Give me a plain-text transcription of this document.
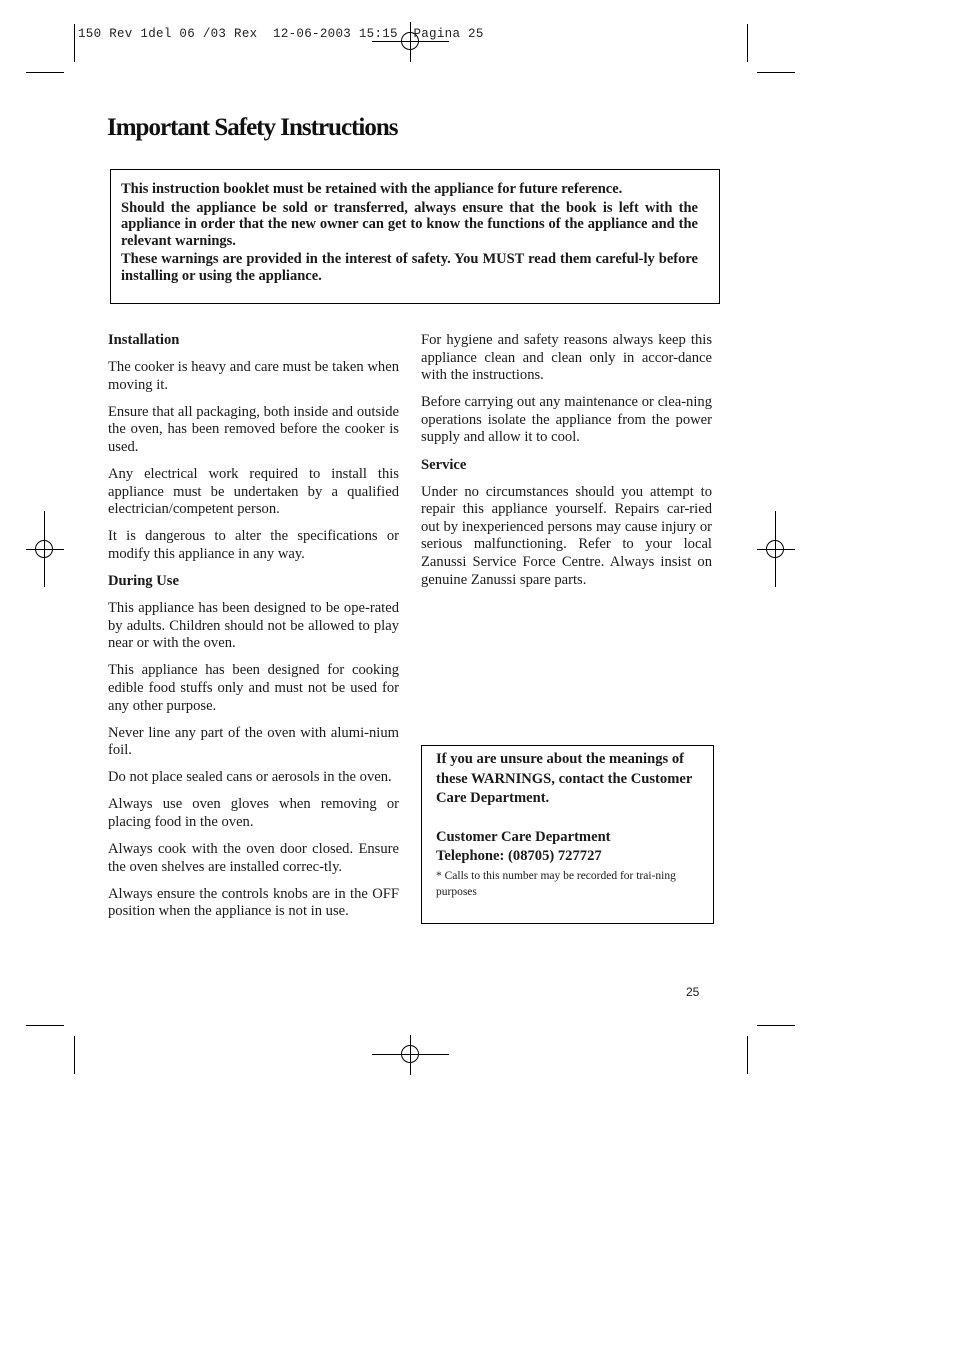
150 Rev 1del 06 /03 Rex  12-06-2003 15:15  Pagina 25
Important Safety Instructions

This instruction booklet must be retained with the appliance for future reference.

Should the appliance be sold or transferred, always ensure that the book is left with the appliance in order that the new owner can get to know the functions of the appliance and the relevant warnings.

These warnings are provided in the interest of safety. You MUST read them careful-ly before installing or using the appliance.

Installation

The cooker is heavy and care must be taken when moving it.

Ensure that all packaging, both inside and outside the oven, has been removed before the cooker is used.

Any electrical work required to install this appliance must be undertaken by a qualified electrician/competent person.

It is dangerous to alter the specifications or modify this appliance in any way.

During Use

This appliance has been designed to be ope-rated by adults. Children should not be allowed to play near or with the oven.

This appliance has been designed for cooking edible food stuffs only and must not be used for any other purpose.

Never line any part of the oven with alumi-nium foil.

Do not place sealed cans or aerosols in the oven.

Always use oven gloves when removing or placing food in the oven.

Always cook with the oven door closed. Ensure the oven shelves are installed correc-tly.

Always ensure the controls knobs are in the OFF position when the appliance is not in use.

For hygiene and safety reasons always keep this appliance clean and clean only in accor-dance with the instructions.

Before carrying out any maintenance or clea-ning operations isolate the appliance from the power supply and allow it to cool.

Service

Under no circumstances should you attempt to repair this appliance yourself. Repairs car-ried out by inexperienced persons may cause injury or serious malfunctioning. Refer to your local Zanussi Service Force Centre. Always insist on genuine Zanussi spare parts.

If you are unsure about the meanings of these WARNINGS, contact the Customer Care Department.

Customer Care Department

Telephone: (08705) 727727

* Calls to this number may be recorded for trai-ning purposes

25
